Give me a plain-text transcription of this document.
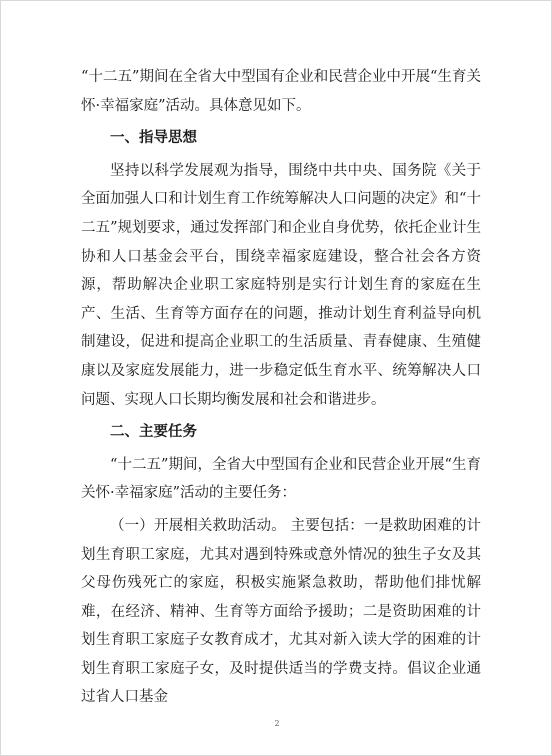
“十二五”期间在全省大中型国有企业和民营企业中开展“生育关怀·幸福家庭”活动。具体意见如下。

一、指导思想

坚持以科学发展观为指导，围绕中共中央、国务院《关于全面加强人口和计划生育工作统筹解决人口问题的决定》和“十二五”规划要求，通过发挥部门和企业自身优势，依托企业计生协和人口基金会平台，围绕幸福家庭建设，整合社会各方资源，帮助解决企业职工家庭特别是实行计划生育的家庭在生产、生活、生育等方面存在的问题，推动计划生育利益导向机制建设，促进和提高企业职工的生活质量、青春健康、生殖健康以及家庭发展能力，进一步稳定低生育水平、统筹解决人口问题、实现人口长期均衡发展和社会和谐进步。

二、主要任务

“十二五”期间，全省大中型国有企业和民营企业开展“生育关怀·幸福家庭”活动的主要任务：

（一）开展相关救助活动。 主要包括：一是救助困难的计划生育职工家庭，尤其对遇到特殊或意外情况的独生子女及其父母伤残死亡的家庭，积极实施紧急救助，帮助他们排忧解难，在经济、精神、生育等方面给予援助；二是资助困难的计划生育职工家庭子女教育成才，尤其对新入读大学的困难的计划生育职工家庭子女，及时提供适当的学费支持。倡议企业通过省人口基金

2
